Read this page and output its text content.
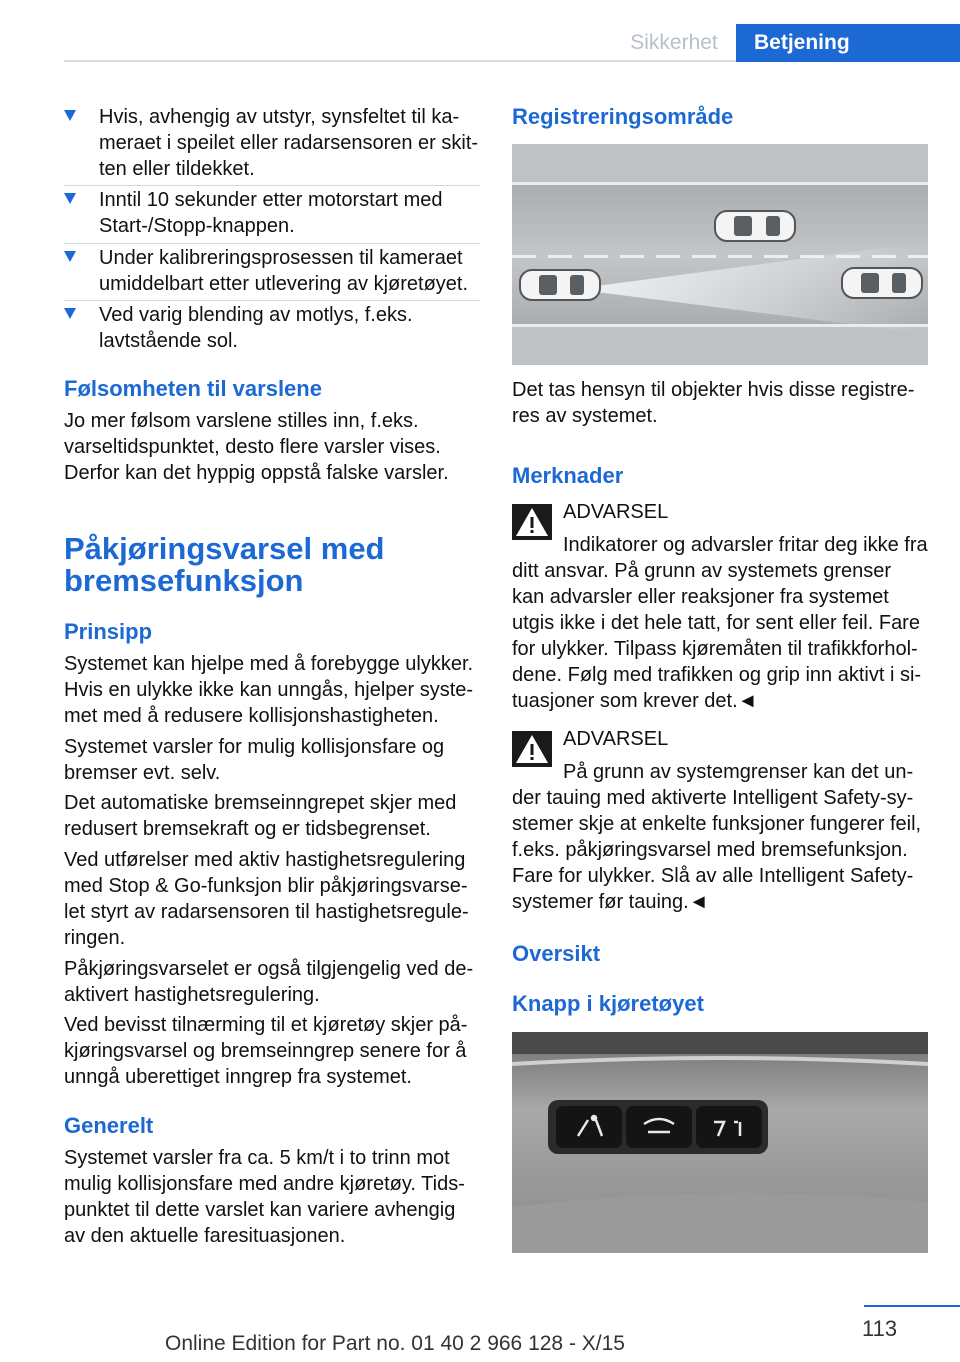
Sikkerhet	Betjening
Hvis, avhengig av utstyr, synsfeltet til kameraet i speilet eller radarsensoren er skitten eller tildekket.
Inntil 10 sekunder etter motorstart med Start-/Stopp-knappen.
Under kalibreringsprosessen til kameraet umiddelbart etter utlevering av kjøretøyet.
Ved varig blending av motlys, f.eks. lavtstående sol.
Følsomheten til varslene

Jo mer følsom varslene stilles inn, f.eks. varseltidspunktet, desto flere varsler vises. Derfor kan det hyppig oppstå falske varsler.

Påkjøringsvarsel med
bremsefunksjon
Prinsipp

Systemet kan hjelpe med å forebygge ulykker. Hvis en ulykke ikke kan unngås, hjelper systemet med å redusere kollisjonshastigheten.

Systemet varsler for mulig kollisjonsfare og bremser evt. selv.

Det automatiske bremseinngrepet skjer med redusert bremsekraft og er tidsbegrenset.

Ved utførelser med aktiv hastighetsregulering med Stop & Go-funksjon blir påkjøringsvarselet styrt av radarsensoren til hastighetsreguleringen.

Påkjøringsvarselet er også tilgjengelig ved deaktivert hastighetsregulering.

Ved bevisst tilnærming til et kjøretøy skjer påkjøringsvarsel og bremseinngrep senere for å unngå uberettiget inngrep fra systemet.

Generelt

Systemet varsler fra ca. 5 km/t i to trinn mot mulig kollisjonsfare med andre kjøretøy. Tidspunktet til dette varslet kan variere avhengig av den aktuelle faresituasjonen.

Registreringsområde

Det tas hensyn til objekter hvis disse registreres av systemet.

Merknader

ADVARSEL

Indikatorer og advarsler fritar deg ikke fra ditt ansvar. På grunn av systemets grenser kan advarsler eller reaksjoner fra systemet utgis ikke i det hele tatt, for sent eller feil. Fare for ulykker. Tilpass kjøremåten til trafikkforholdene. Følg med trafikken og grip inn aktivt i situasjoner som krever det.◄

ADVARSEL

På grunn av systemgrenser kan det under tauing med aktiverte Intelligent Safety-systemer skje at enkelte funksjoner fungerer feil, f.eks. påkjøringsvarsel med bremsefunksjon. Fare for ulykker. Slå av alle Intelligent Safety-systemer før tauing.◄

Oversikt
Knapp i kjøretøyet
113
Online Edition for Part no. 01 40 2 966 128 - X/15
